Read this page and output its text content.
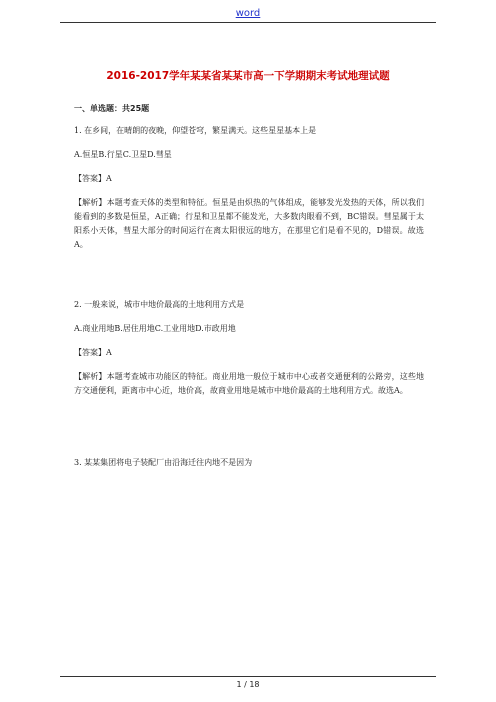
word
2016-2017学年某某省某某市高一下学期期末考试地理试题

一、单选题：共25题

1. 在乡间，在晴朗的夜晚，仰望苍穹，繁星满天。这些星星基本上是

A.恒星B.行星C.卫星D.彗星

【答案】A

【解析】本题考查天体的类型和特征。恒星是由炽热的气体组成，能够发光发热的天体，所以我们能看到的多数是恒星，A正确；行星和卫星都不能发光，大多数肉眼看不到，BC错误。彗星属于太阳系小天体，彗星大部分的时间运行在离太阳很远的地方，在那里它们是看不见的，D错误。故选A。

2. 一般来说，城市中地价最高的土地利用方式是

A.商业用地B.居住用地C.工业用地D.市政用地

【答案】A

【解析】本题考查城市功能区的特征。商业用地一般位于城市中心或者交通便利的公路旁，这些地方交通便利，距离市中心近，地价高，故商业用地是城市中地价最高的土地利用方式。故选A。

3. 某某集团将电子装配厂由沿海迁往内地不是因为

1 / 18
